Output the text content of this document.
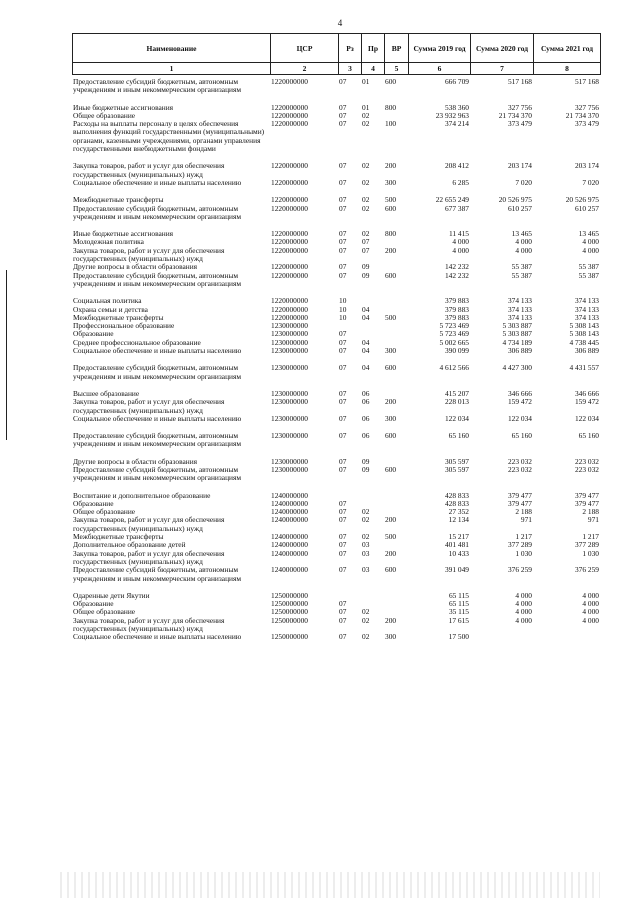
4
Наименование	ЦСР	Рз	Пр	ВР	Сумма 2019 год	Сумма 2020 год	Сумма 2021 год
1	2	3	4	5	6	7	8
Предоставление субсидий бюджетным, автономным учреждениям и иным некоммерческим организациям	1220000000	07	01	600	666 709	517 168	517 168

Иные бюджетные ассигнования	1220000000	07	01	800	538 360	327 756	327 756
Общее образование	1220000000	07	02		23 932 963	21 734 370	21 734 370
Расходы на выплаты персоналу в целях обеспечения выполнения функций государственными (муниципальными) органами, казенными учреждениями, органами управления государственными внебюджетными фондами	1220000000	07	02	100	374 214	373 479	373 479

Закупка товаров, работ и услуг для обеспечения государственных (муниципальных) нужд	1220000000	07	02	200	208 412	203 174	203 174
Социальное обеспечение и иные выплаты населению	1220000000	07	02	300	6 285	7 020	7 020

Межбюджетные трансферты	1220000000	07	02	500	22 655 249	20 526 975	20 526 975
Предоставление субсидий бюджетным, автономным учреждениям и иным некоммерческим организациям	1220000000	07	02	600	677 387	610 257	610 257

Иные бюджетные ассигнования	1220000000	07	02	800	11 415	13 465	13 465
Молодежная политика	1220000000	07	07		4 000	4 000	4 000
Закупка товаров, работ и услуг для обеспечения государственных (муниципальных) нужд	1220000000	07	07	200	4 000	4 000	4 000
Другие вопросы в области образования	1220000000	07	09		142 232	55 387	55 387
Предоставление субсидий бюджетным, автономным учреждениям и иным некоммерческим организациям	1220000000	07	09	600	142 232	55 387	55 387

Социальная политика	1220000000	10			379 883	374 133	374 133
Охрана семьи и детства	1220000000	10	04		379 883	374 133	374 133
Межбюджетные трансферты	1220000000	10	04	500	379 883	374 133	374 133
Профессиональное образование	1230000000				5 723 469	5 303 887	5 308 143
Образование	1230000000	07			5 723 469	5 303 887	5 308 143
Среднее профессиональное образование	1230000000	07	04		5 002 665	4 734 189	4 738 445
Социальное обеспечение и иные выплаты населению	1230000000	07	04	300	390 099	306 889	306 889

Предоставление субсидий бюджетным, автономным учреждениям и иным некоммерческим организациям	1230000000	07	04	600	4 612 566	4 427 300	4 431 557

Высшее образование	1230000000	07	06		415 207	346 666	346 666
Закупка товаров, работ и услуг для обеспечения государственных (муниципальных) нужд	1230000000	07	06	200	228 013	159 472	159 472
Социальное обеспечение и иные выплаты населению	1230000000	07	06	300	122 034	122 034	122 034

Предоставление субсидий бюджетным, автономным учреждениям и иным некоммерческим организациям	1230000000	07	06	600	65 160	65 160	65 160

Другие вопросы в области образования	1230000000	07	09		305 597	223 032	223 032
Предоставление субсидий бюджетным, автономным учреждениям и иным некоммерческим организациям	1230000000	07	09	600	305 597	223 032	223 032

Воспитание и дополнительное образование	1240000000				428 833	379 477	379 477
Образование	1240000000	07			428 833	379 477	379 477
Общее образование	1240000000	07	02		27 352	2 188	2 188
Закупка товаров, работ и услуг для обеспечения государственных (муниципальных) нужд	1240000000	07	02	200	12 134	971	971
Межбюджетные трансферты	1240000000	07	02	500	15 217	1 217	1 217
Дополнительное образование детей	1240000000	07	03		401 481	377 289	377 289
Закупка товаров, работ и услуг для обеспечения государственных (муниципальных) нужд	1240000000	07	03	200	10 433	1 030	1 030
Предоставление субсидий бюджетным, автономным учреждениям и иным некоммерческим организациям	1240000000	07	03	600	391 049	376 259	376 259

Одаренные дети Якутии	1250000000				65 115	4 000	4 000
Образование	1250000000	07			65 115	4 000	4 000
Общее образование	1250000000	07	02		35 115	4 000	4 000
Закупка товаров, работ и услуг для обеспечения государственных (муниципальных) нужд	1250000000	07	02	200	17 615	4 000	4 000
Социальное обеспечение и иные выплаты населению	1250000000	07	02	300	17 500		
